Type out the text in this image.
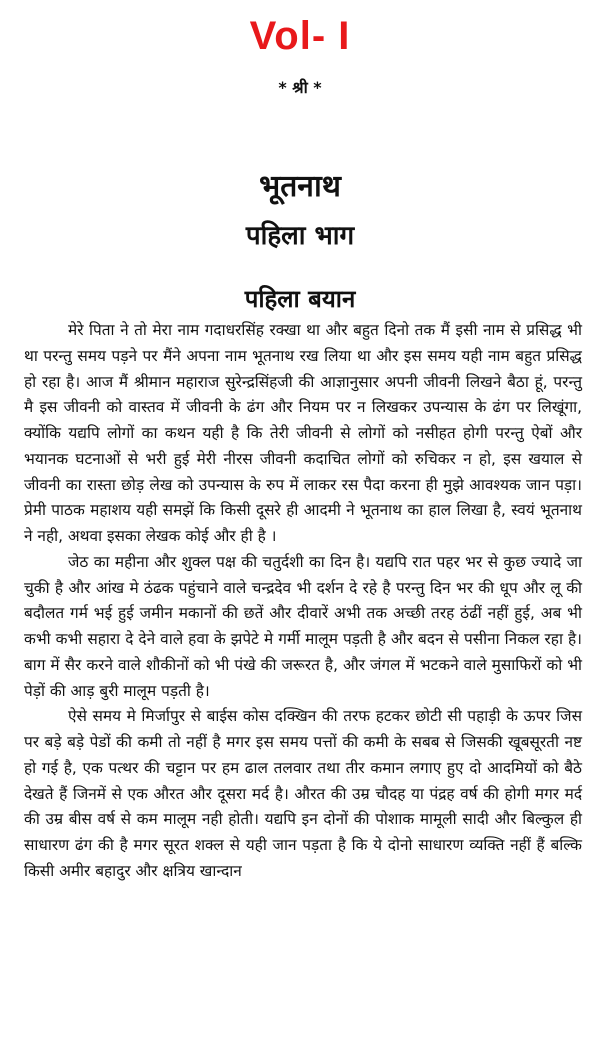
Vol- I
* श्री *
भूतनाथ
पहिला भाग
पहिला बयान

मेरे पिता ने तो मेरा नाम गदाधरसिंह रक्खा था और बहुत दिनो तक मैं इसी नाम से प्रसिद्ध भी था परन्तु समय पड़ने पर मैंने अपना नाम भूतनाथ रख लिया था और इस समय यही नाम बहुत प्रसिद्ध हो रहा है। आज मैं श्रीमान महाराज सुरेन्द्रसिंहजी की आज्ञानुसार अपनी जीवनी लिखने बैठा हूं, परन्तु मै इस जीवनी को वास्तव में जीवनी के ढंग और नियम पर न लिखकर उपन्यास के ढंग पर लिखूंगा, क्योंकि यद्यपि लोगों का कथन यही है कि तेरी जीवनी से लोगों को नसीहत होगी परन्तु ऐबों और भयानक घटनाओं से भरी हुई मेरी नीरस जीवनी कदाचित लोगों को रुचिकर न हो, इस खयाल से जीवनी का रास्ता छोड़ लेख को उपन्यास के रुप में लाकर रस पैदा करना ही मुझे आवश्यक जान पड़ा। प्रेमी पाठक महाशय यही समझें कि किसी दूसरे ही आदमी ने भूतनाथ का हाल लिखा है, स्वयं भूतनाथ ने नही, अथवा इसका लेखक कोई और ही है ।

जेठ का महीना और शुक्ल पक्ष की चतुर्दशी का दिन है। यद्यपि रात पहर भर से कुछ ज्यादे जा चुकी है और आंख मे ठंढक पहुंचाने वाले चन्द्रदेव भी दर्शन दे रहे है परन्तु दिन भर की धूप और लू की बदौलत गर्म भई हुई जमीन मकानों की छतें और दीवारें अभी तक अच्छी तरह ठंढीं नहीं हुई, अब भी कभी कभी सहारा दे देने वाले हवा के झपेटे मे गर्मी मालूम पड़ती है और बदन से पसीना निकल रहा है। बाग में सैर करने वाले शौकीनों को भी पंखे की जरूरत है, और जंगल में भटकने वाले मुसाफिरों को भी पेड़ों की आड़ बुरी मालूम पड़ती है।

ऐसे समय मे मिर्जापुर से बाईस कोस दक्खिन की तरफ हटकर छोटी सी पहाड़ी के ऊपर जिस पर बड़े बड़े पेडों की कमी तो नहीं है मगर इस समय पत्तों की कमी के सबब से जिसकी खूबसूरती नष्ट हो गई है, एक पत्थर की चट्टान पर हम ढाल तलवार तथा तीर कमान लगाए हुए दो आदमियों को बैठे देखते हैं जिनमें से एक औरत और दूसरा मर्द है। औरत की उम्र चौदह या पंद्रह वर्ष की होगी मगर मर्द की उम्र बीस वर्ष से कम मालूम नही होती। यद्यपि इन दोनों की पोशाक मामूली सादी और बिल्कुल ही साधारण ढंग की है मगर सूरत शक्ल से यही जान पड़ता है कि ये दोनो साधारण व्यक्ति नहीं हैं बल्कि किसी अमीर बहादुर और क्षत्रिय खान्दान
